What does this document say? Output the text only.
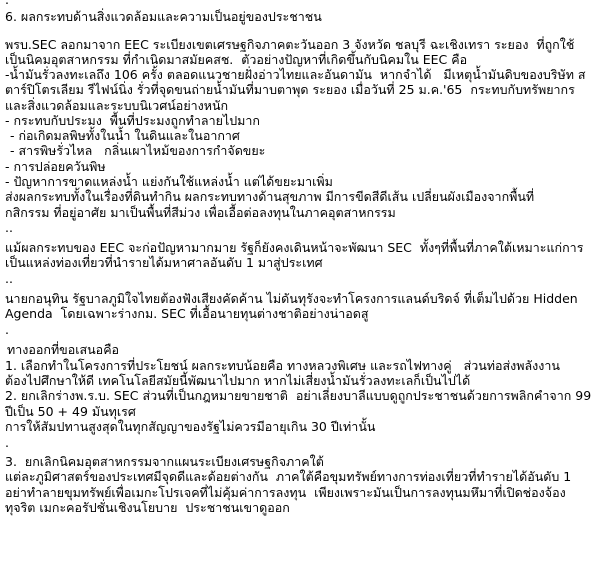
6. ผลกระทบด้านสิ่งแวดล้อมและความเป็นอยู่ของประชาชน
พรบ.SEC ลอกมาจาก EEC ระเบียงเขตเศรษฐกิจภาคตะวันออก 3 จังหวัด ชลบุรี ฉะเชิงเทรา ระยอง  ที่ถูกใช้
เป็นนิคมอุตสาหกรรม ที่กำเนิดมาสมัยคสช.  ตัวอย่างปัญหาที่เกิดขึ้นกับนิคมใน EEC คือ
-น้ำมันรั่วลงทะเลถึง 106 ครั้ง ตลอดแนวชายฝั่งอ่าวไทยและอันดามัน  หากจำได้   มีเหตุน้ำมันดิบของบริษัท ส
ตาร์ปิโตรเลียม รีไฟน์นิ่ง รั่วที่จุดขนถ่ายน้ำมันที่มาบตาพุด ระยอง เมื่อวันที่ 25 ม.ค.'65  กระทบกับทรัพยากร
และสิ่งแวดล้อมและระบบนิเวศน์อย่างหนัก
- กระทบกับประมง  พื้นที่ประมงถูกทำลายไปมาก
- ก่อเกิดมลพิษทั้งในน้ำ ในดินและในอากาศ
- สารพิษรั่วไหล   กลิ่นเผาไหม้ของการกำจัดขยะ
- การปล่อยควันพิษ
- ปัญหาการขาดแหล่งน้ำ แย่งกันใช้แหล่งน้ำ แต่ได้ขยะมาเพิ่ม
ส่งผลกระทบทั้งในเรื่องที่ดินทำกิน ผลกระทบทางด้านสุขภาพ มีการขีดสีดีเส้น เปลี่ยนผังเมืองจากพื้นที่
กสิกรรม ที่อยู่อาศัย มาเป็นพื้นที่สีม่วง เพื่อเอื้อต่อลงทุนในภาคอุตสาหกรรม
..
แม้ผลกระทบของ EEC จะก่อปัญหามากมาย รัฐก็ยังคงเดินหน้าจะพัฒนา SEC  ทั้งๆที่พื้นที่ภาคใต้เหมาะแก่การ
เป็นแหล่งท่องเที่ยวที่นำรายได้มหาศาลอันดับ 1 มาสู่ประเทศ
..
นายกอนุทิน รัฐบาลภูมิใจไทยต้องฟังเสียงคัดค้าน ไม่ดันทุรังจะทำโครงการแลนด์บริดจ์ ที่เต็มไปด้วย Hidden
Agenda  โดยเฉพาะร่างกม. SEC ที่เอื้อนายทุนต่างชาติอย่างน่าอดสู
.
ทางออกที่ขอเสนอคือ
1. เลือกทำในโครงการที่ประโยชน์ ผลกระทบน้อยคือ ทางหลวงพิเศษ และรถไฟทางคู่   ส่วนท่อส่งพลังงาน
ต้องไปศึกษาให้ดี เทคโนโลยีสมัยนี้พัฒนาไปมาก หากไม่เสี่ยงน้ำมันรั่วลงทะเลก็เป็นไปได้
2. ยกเลิกร่างพ.ร.บ. SEC ส่วนที่เป็นกฎหมายขายชาติ  อย่าเลี่ยงบาลีแบบดูถูกประชาชนด้วยการพลิกคำจาก 99
ปีเป็น 50 + 49 มันทุเรศ
การให้สัมปทานสูงสุดในทุกสัญญาของรัฐไม่ควรมีอายุเกิน 30 ปีเท่านั้น
.
3.  ยกเลิกนิคมอุตสาหกรรมจากแผนระเบียงเศรษฐกิจภาคใต้
แต่ละภูมิศาสตร์ของประเทศมีจุดดีและด้อยต่างกัน  ภาคใต้คือขุมทรัพย์ทางการท่องเที่ยวที่ทำรายได้อันดับ 1
อย่าทำลายขุมทรัพย์เพื่อเมกะโปรเจคที่ไม่คุ้มค่าการลงทุน  เพียงเพราะมันเป็นการลงทุนมหึมาที่เปิดช่องจ้อง
ทุจริต เมกะคอรัปชั่นเชิงนโยบาย  ประชาชนเขาดูออก
